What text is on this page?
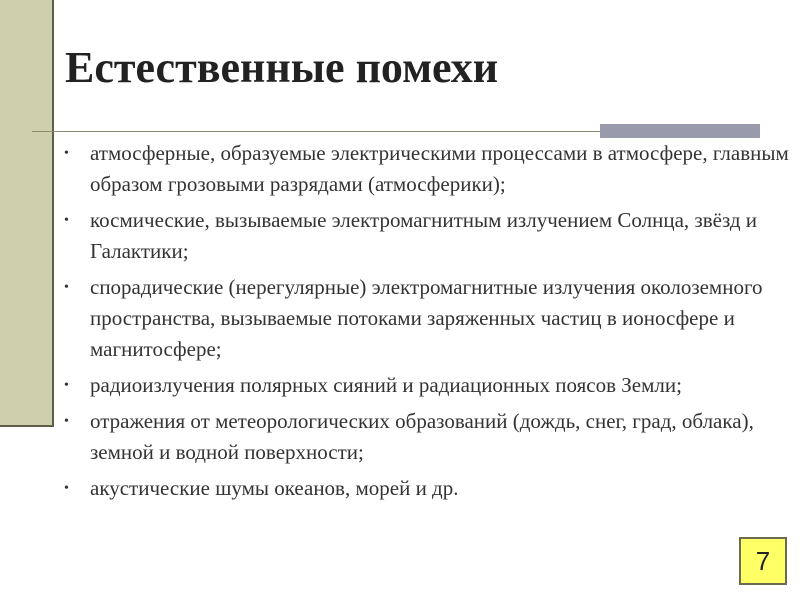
Естественные помехи
• атмосферные, образуемые электрическими процессами в атмосфере, главным образом грозовыми разрядами (атмосферики);
• космические, вызываемые электромагнитным излучением Солнца, звёзд и Галактики;
• спорадические (нерегулярные) электромагнитные излучения околоземного пространства, вызываемые потоками заряженных частиц в ионосфере и магнитосфере;
• радиоизлучения полярных сияний и радиационных поясов Земли;
• отражения от метеорологических образований (дождь, снег, град, облака), земной и водной поверхности;
• акустические шумы океанов, морей и др.
7
